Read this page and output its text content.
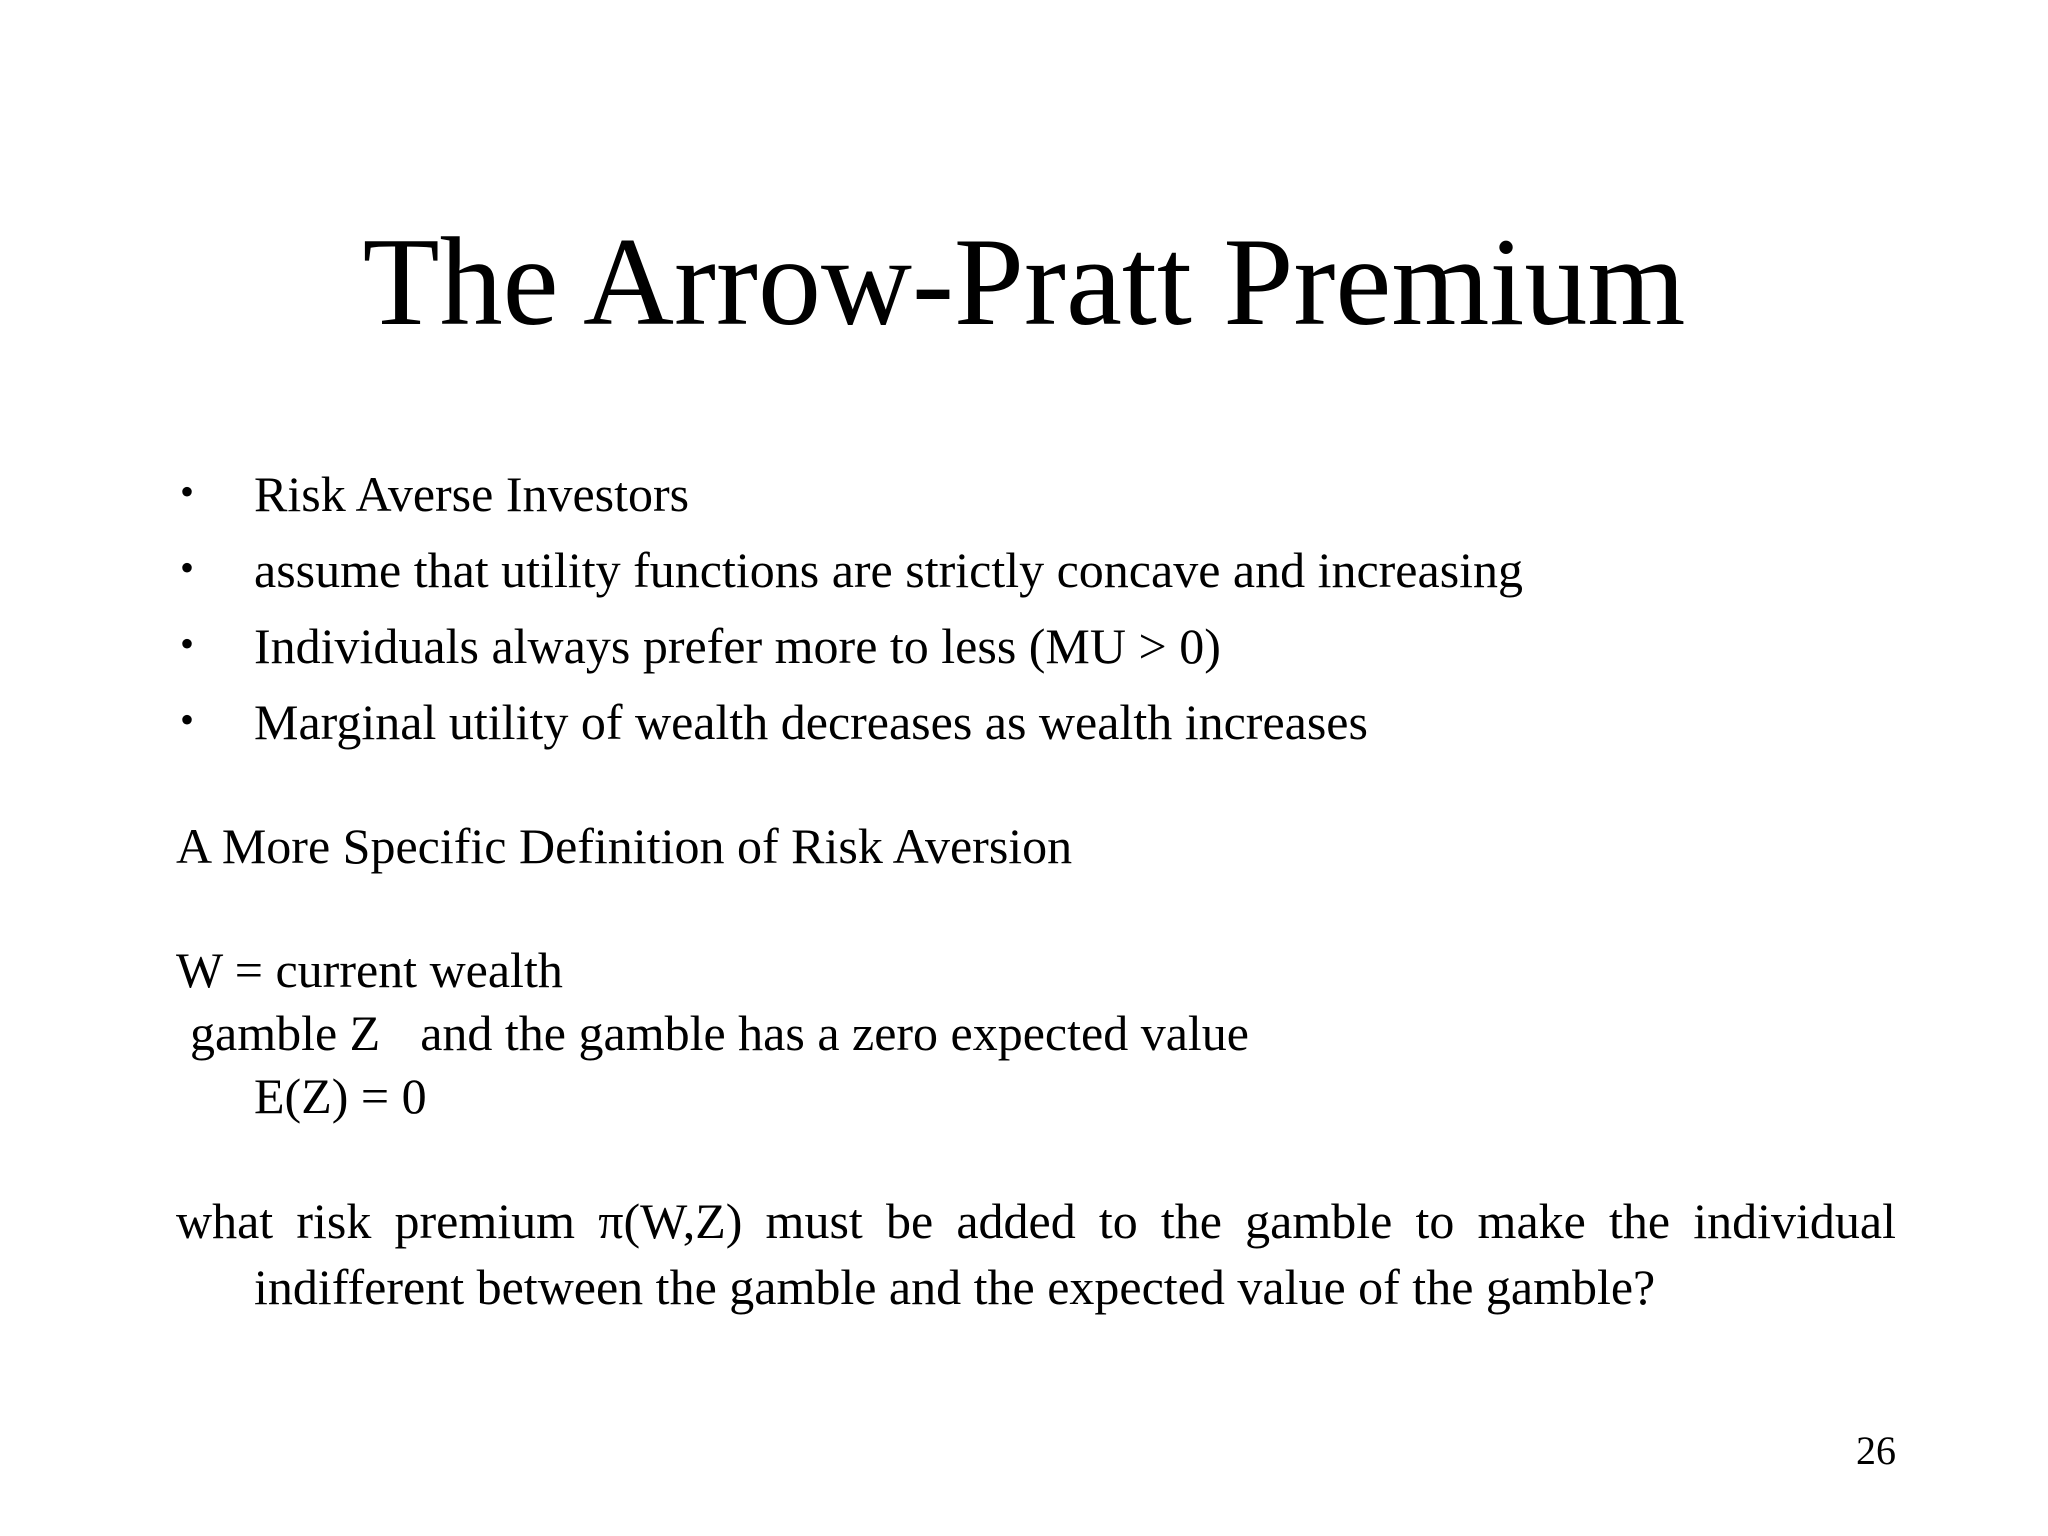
The Arrow-Pratt Premium
• Risk Averse Investors
• assume that utility functions are strictly concave and increasing
• Individuals always prefer more to less (MU > 0)
• Marginal utility of wealth decreases as wealth increases
A More Specific Definition of Risk Aversion
W = current wealth
gamble Z and the gamble has a zero expected value
E(Z) = 0
what risk premium π(W,Z) must be added to the gamble to make the individual
indifferent between the gamble and the expected value of the gamble?
26
